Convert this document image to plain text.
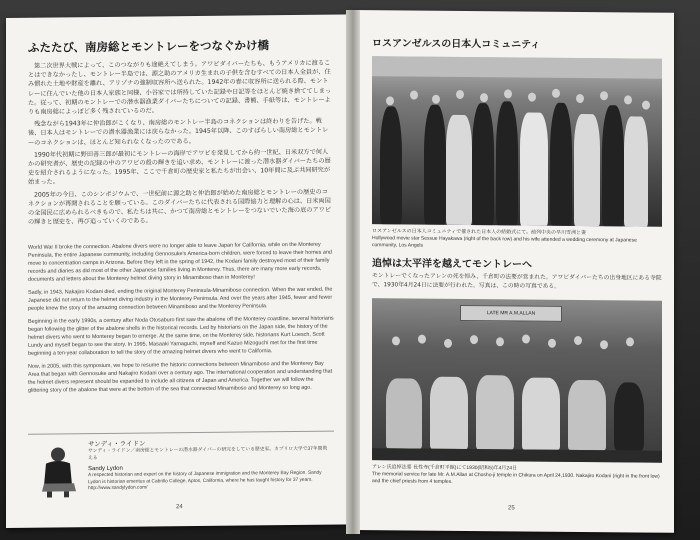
ふたたび、南房総とモントレーをつなぐかけ橋
第二次世界大戦によって、このつながりも途絶えてしまう。アワビダイバーたちも、もうアメリカに渡ることはできなかったし、モントレー半島では、源之助のアメリカ生まれの子供を含むすべての日本人全員が、住み慣れた土地や財産を離れ、アリゾナの強制収容所へ送られた。1942年の春に収容所に送られる際、モントレーに住んでいた他の日本人家族と同様、小谷家では所持していた記録や日記等をほとんど焼き捨ててしまった。従って、初期のモントレーでの潜水器漁業ダイバーたちについての記録、書簡、手紙等は、モントレーよりも南房総によっぽど多く残されているのだ。
残念ながら1943年に仲治郎がこくなり、南房総のモントレー半島のコネクションは終わりを告げた。戦後、日本人はモントレーでの潜水器漁業には戻らなかった。1945年以降、このすばらしい南房総とモントレーのコネクションは、ほとんど知られなくなったのである。
1990年代初期に野田善三郎が最初にモントレーの海岸でアワビを発見してから約一世紀、日米双方で何人かの研究者が、歴史の記録の中のアワビの殻の輝きを追い求め、モントレーに渡った潜水器ダイバーたちの歴史を紹介されるようになった。1995年、ここで千倉町の歴史家と私たちが出会い、10年間に及ぶ共同研究が始まった。
2005年の今日、このシンポジウムで、一世紀前に源之助と仲治郎が始めた南房総とモントレーの歴史のコネクションが再開されることを願っている。このダイバーたちに代表される国際協力と理解の心は、日米両国の全国民に広められるべきもので、私たちは共に、かつて南房総とモントレーをつないでいた海の底のアワビの輝きと歴史を、再び追っていくのである。

World War II broke the connection. Abalone divers were no longer able to leave Japan for California, while on the Monterey Peninsula, the entire Japanese community, including Gennosuke's America-born children, were forced to leave their homes and move to concentration camps in Arizona. Before they left in the spring of 1942, the Kodani family destroyed most of their family records and diaries as did most of the other Japanese families living in Monterey. Thus, there are many more early records, documents and letters about the Monterey helmet diving story in Minamiboso than in Monterey!

Sadly, in 1943, Nakajiro Kodani died, ending the original Monterey Peninsula-Minamiboso connection. When the war ended, the Japanese did not return to the helmet diving industry in the Monterey Peninsula. And over the years after 1945, fewer and fewer people knew the story of the amazing connection between Minamiboso and the Monterey Peninsula.

Beginning in the early 1990s, a century after Noda Otosaburo first saw the abalone off the Monterey coastline, several historians began following the glitter of the abalone shells in the historical records. Led by historians on the Japan side, the history of the helmet divers who went to Monterey began to emerge. At the same time, on the Monterey side, historians Kurt Loesch, Scott Lundy and myself began to see the story. In 1995, Masaaki Yamaguchi, myself and Kazuo Mizoguchi met for the first time beginning a ten-year collaboration to tell the story of the amazing helmet divers who went to California.

Now, in 2005, with this symposium, we hope to resume the historic connections between Minamiboso and the Monterey Bay Area that began with Gennosuke and Nakajiro Kodani over a century ago. The international cooperation and understanding that the helmet divers represent should be expanded to include all citizens of Japan and America. Together we will follow the glittering story of the abalone that were at the bottom of the sea that connected Minamiboso and Monterey so long ago.

サンディ・ライドン
サンディ・ライドン／南房総とモントレーの潜水器ダイバーの研究をしている歴史家。カブリロ大学で37年間教える
Sandy Lydon
A respected historian and expert on the history of Japanese immigration and the Monterey Bay Region. Sandy Lydon is historian emeritus at Cabrillo College, Aptos, California, where he has taught history for 37 years.
http://www.sandylydon.com/
24
ロスアンゼルスの日本人コミュニティ
ロスアンゼルスの日本人コミュニティで催された日本人の結婚式にて。前列中央の早川雪洲と妻
Hollywood movie star Sessue Hayakawa (right of the back row) and his wife attended a wedding ceremony at Japanese community, Los Angels
追悼は太平洋を越えてモントレーへ
モントレーでくなったアレンの死を悼み、千倉町の法要が営まれた。アワビダイバーたちの出身地区にある寺院で、1930年4月24日に法要が行われた。写真は、この時の写真である。
LATE MR A.M.ALLAN
アレン氏追悼法要 長性寺(千倉町平館)にて1930(昭和5)年4月24日
The memorial service for late Mr. A.M.Allan at Chosho-ji temple in Chikura on April 24,1930. Nakajiro Kodani (right in the front low) and the chief priests from 4 temples.
25
